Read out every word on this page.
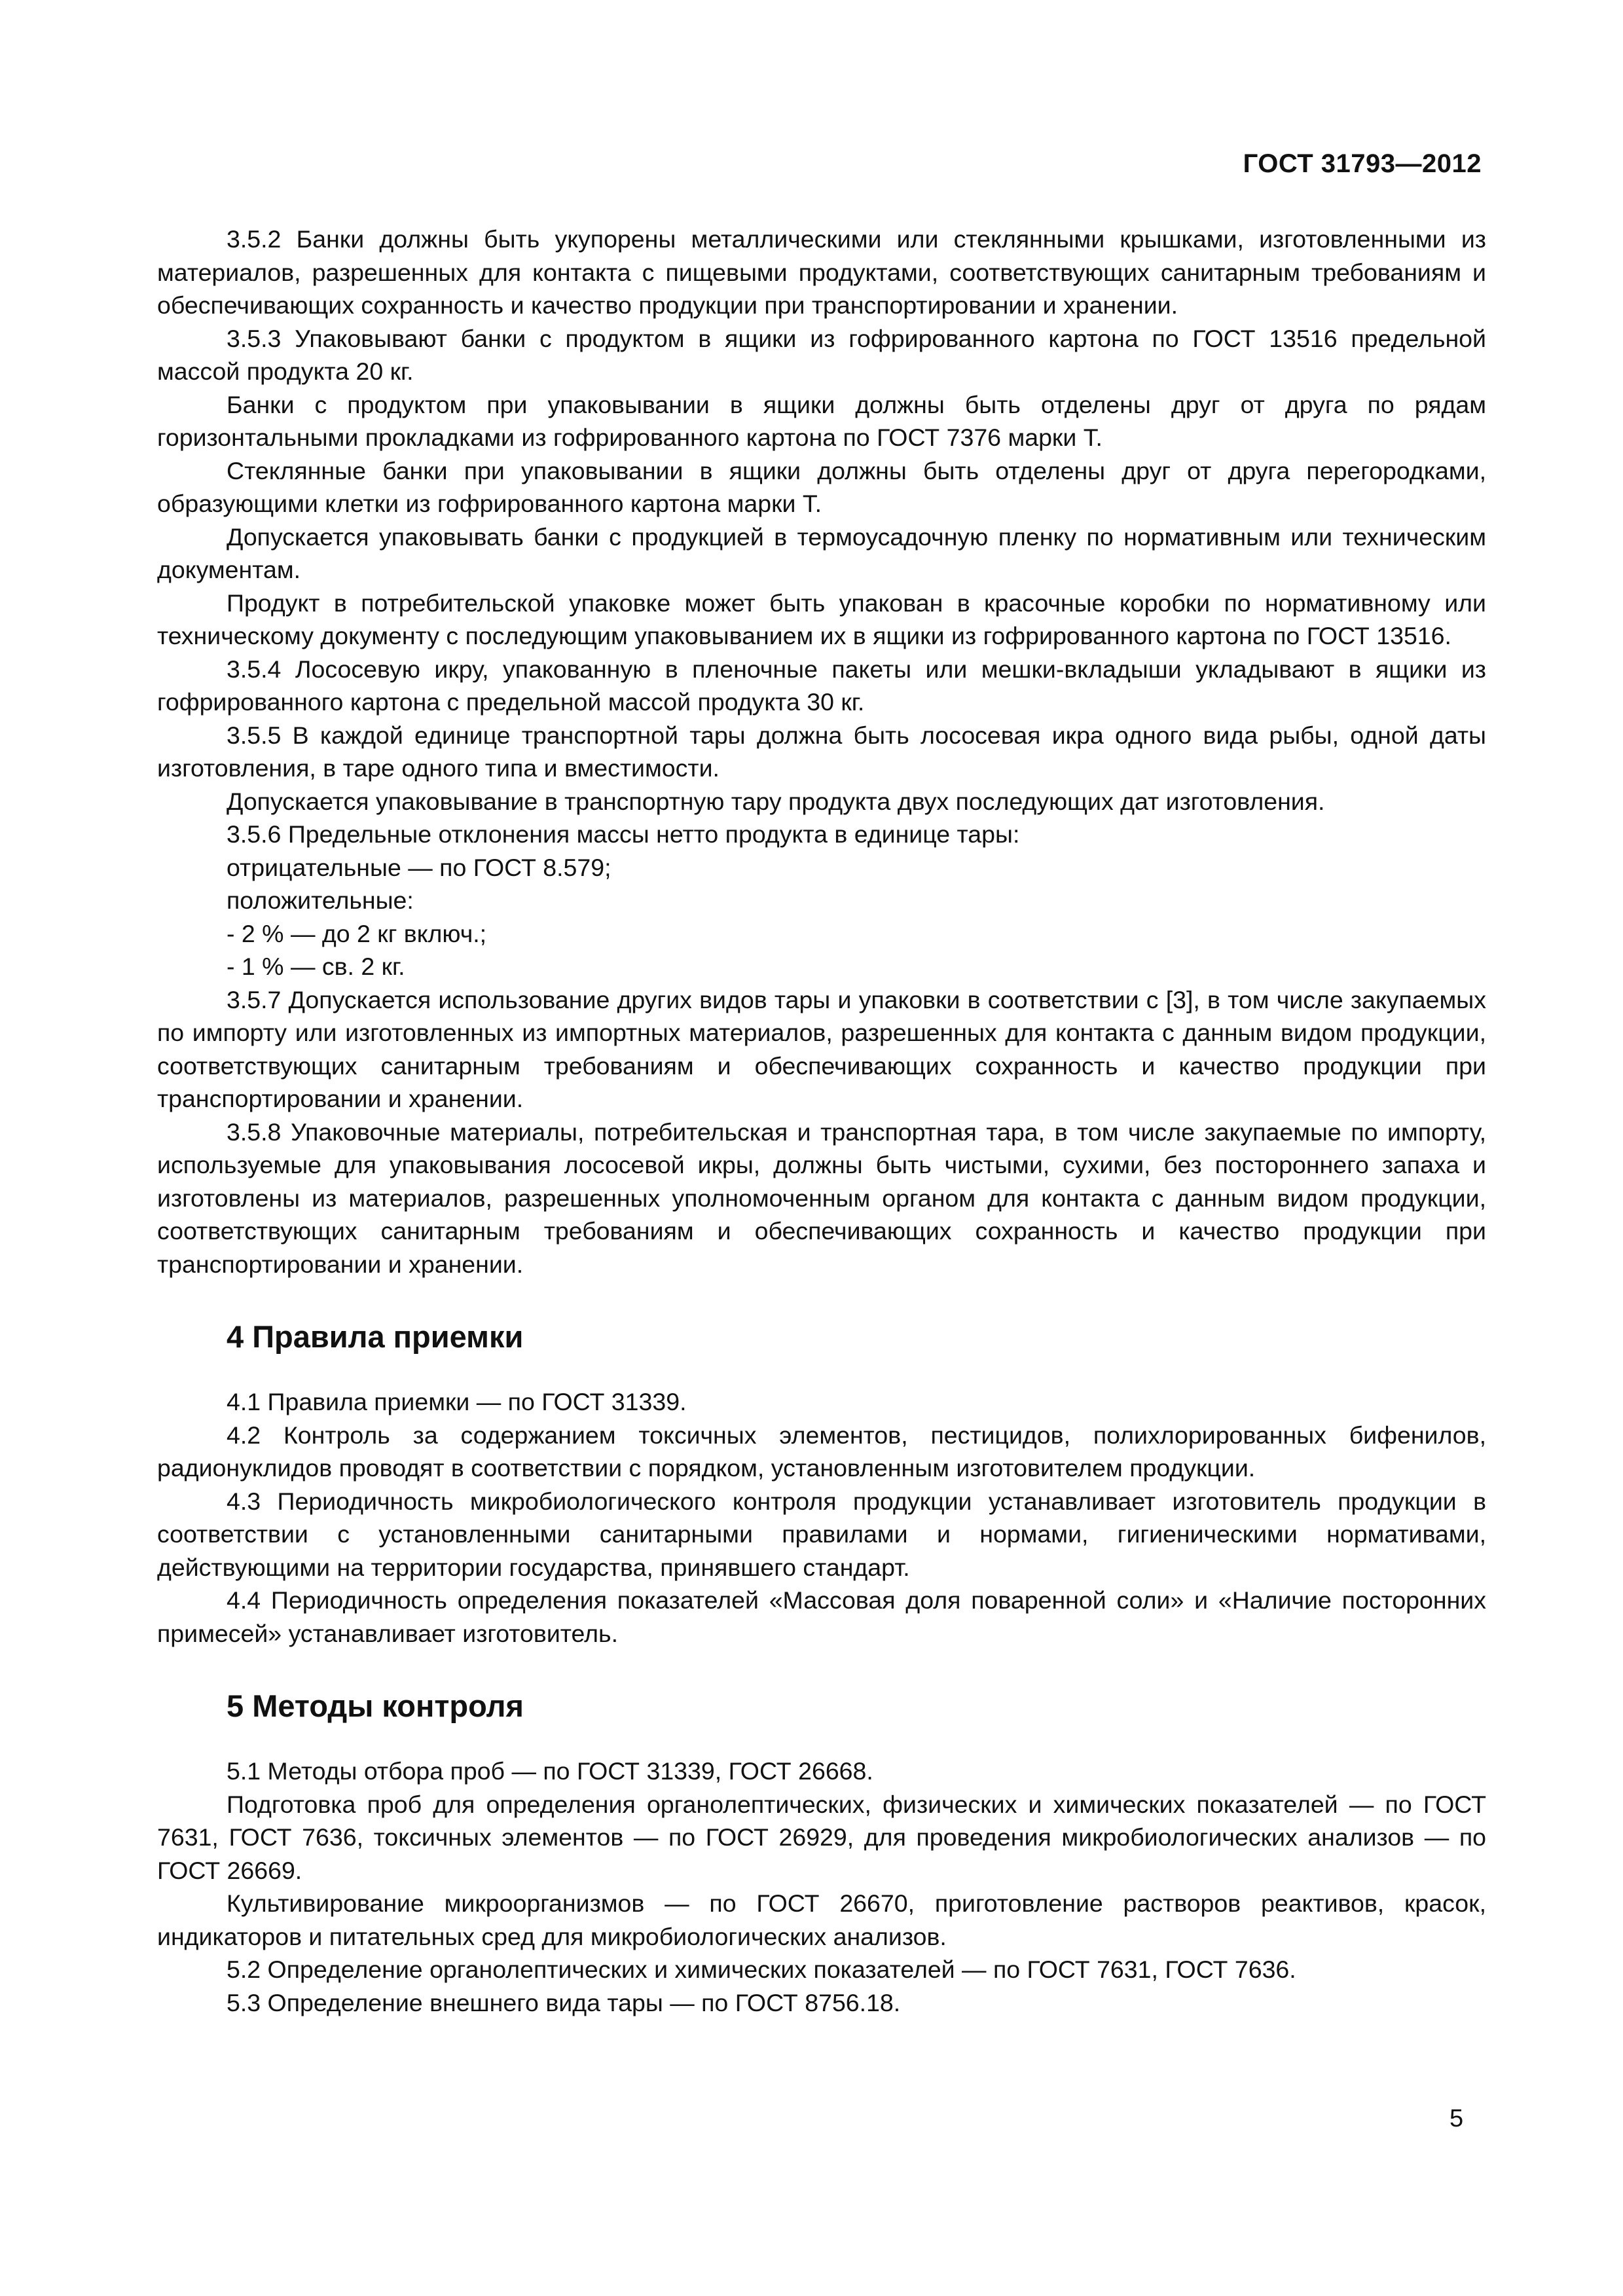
ГОСТ 31793—2012

3.5.2 Банки должны быть укупорены металлическими или стеклянными крышками, изготовленными из материалов, разрешенных для контакта с пищевыми продуктами, соответствующих санитарным требованиям и обеспечивающих сохранность и качество продукции при транспортировании и хранении.

3.5.3 Упаковывают банки с продуктом в ящики из гофрированного картона по ГОСТ 13516 предельной массой продукта 20 кг.

Банки с продуктом при упаковывании в ящики должны быть отделены друг от друга по рядам горизонтальными прокладками из гофрированного картона по ГОСТ 7376 марки Т.

Стеклянные банки при упаковывании в ящики должны быть отделены друг от друга перегородками, образующими клетки из гофрированного картона марки Т.

Допускается упаковывать банки с продукцией в термоусадочную пленку по нормативным или техническим документам.

Продукт в потребительской упаковке может быть упакован в красочные коробки по нормативному или техническому документу с последующим упаковыванием их в ящики из гофрированного картона по ГОСТ 13516.

3.5.4 Лососевую икру, упакованную в пленочные пакеты или мешки-вкладыши укладывают в ящики из гофрированного картона с предельной массой продукта 30 кг.

3.5.5 В каждой единице транспортной тары должна быть лососевая икра одного вида рыбы, одной даты изготовления, в таре одного типа и вместимости.

Допускается упаковывание в транспортную тару продукта двух последующих дат изготовления.

3.5.6 Предельные отклонения массы нетто продукта в единице тары:

отрицательные — по ГОСТ 8.579;

положительные:

- 2 % — до 2 кг включ.;

- 1 % — св. 2 кг.

3.5.7 Допускается использование других видов тары и упаковки в соответствии с [3], в том числе закупаемых по импорту или изготовленных из импортных материалов, разрешенных для контакта с данным видом продукции, соответствующих санитарным требованиям и обеспечивающих сохранность и качество продукции при транспортировании и хранении.

3.5.8 Упаковочные материалы, потребительская и транспортная тара, в том числе закупаемые по импорту, используемые для упаковывания лососевой икры, должны быть чистыми, сухими, без постороннего запаха и изготовлены из материалов, разрешенных уполномоченным органом для контакта с данным видом продукции, соответствующих санитарным требованиям и обеспечивающих сохранность и качество продукции при транспортировании и хранении.

4 Правила приемки

4.1 Правила приемки — по ГОСТ 31339.

4.2 Контроль за содержанием токсичных элементов, пестицидов, полихлорированных бифенилов, радионуклидов проводят в соответствии с порядком, установленным изготовителем продукции.

4.3 Периодичность микробиологического контроля продукции устанавливает изготовитель продукции в соответствии с установленными санитарными правилами и нормами, гигиеническими нормативами, действующими на территории государства, принявшего стандарт.

4.4 Периодичность определения показателей «Массовая доля поваренной соли» и «Наличие посторонних примесей» устанавливает изготовитель.

5 Методы контроля

5.1 Методы отбора проб — по ГОСТ 31339, ГОСТ 26668.

Подготовка проб для определения органолептических, физических и химических показателей — по ГОСТ 7631, ГОСТ 7636, токсичных элементов — по ГОСТ 26929, для проведения микробиологических анализов — по ГОСТ 26669.

Культивирование микроорганизмов — по ГОСТ 26670, приготовление растворов реактивов, красок, индикаторов и питательных сред для микробиологических анализов.

5.2 Определение органолептических и химических показателей — по ГОСТ 7631, ГОСТ 7636.

5.3 Определение внешнего вида тары — по ГОСТ 8756.18.

5
